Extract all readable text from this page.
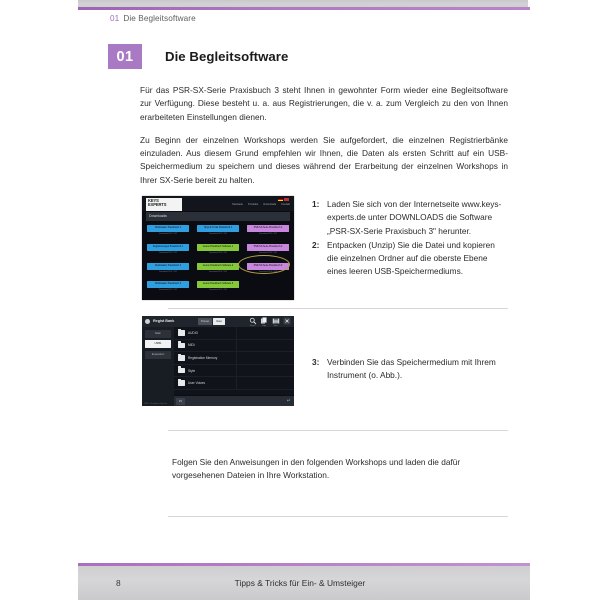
01 Die Begleitsoftware
01	Die Begleitsoftware

Für das PSR-SX-Serie Praxisbuch 3 steht Ihnen in gewohnter Form wieder eine Begleitsoftware zur Verfügung. Diese besteht u. a. aus Registrierungen, die v. a. zum Vergleich zu den von Ihnen erarbeiteten Einstellungen dienen.

Zu Beginn der einzelnen Workshops werden Sie aufgefordert, die einzelnen Registrierbänke einzuladen. Aus diesem Grund empfehlen wir Ihnen, die Daten als ersten Schritt auf ein USB-Speichermedium zu speichern und dieses während der Erarbeitung der einzelnen Workshops in Ihrer SX-Serie bereit zu halten.

KEYS
EXPERTS	Startseite Produkte Downloads Kontakt
Downloads
Workstation Praxisbuch 1
Download PDF / ZIP
Tipps & Tricks Praxisbuch 1
Download PDF / ZIP
PSR-SX-Serie Praxisbuch 1
Download PDF / ZIP
Registrierungen Praxisbuch 1
Download PDF / ZIP
Genos Praxisbuch Software 1
Download PDF / ZIP
PSR-SX-Serie Praxisbuch 2
Download PDF / ZIP
Workstation Praxisbuch 2
Download PDF / ZIP
Genos Praxisbuch Software 2
Download PDF / ZIP
PSR-SX-Serie Praxisbuch 3
Download PDF / ZIP
Workstation Praxisbuch 3
Download PDF / ZIP
Genos Praxisbuch Software 3
Download PDF / ZIP
1: Laden Sie sich von der Internetseite www.keys-experts.de unter DOWNLOADS die Software „PSR-SX-Serie Praxisbuch 3" herunter.
2: Entpacken (Unzip) Sie die Datei und kopieren die einzelnen Ordner auf die oberste Ebene eines leeren USB-Speichermediums.
Regist Bank	Preset	User
Search	Copy	Save
Main
USB1
Expansion
USB1 / Verfügbarer Speicher
AUDIO
MIDI
Registration Memory
Style
User Voices
P1	↵
3: Verbinden Sie das Speichermedium mit Ihrem Instrument (o. Abb.).
Folgen Sie den Anweisungen in den folgenden Workshops und laden die dafür vorgesehenen Dateien in Ihre Workstation.
8	Tipps & Tricks für Ein- & Umsteiger
